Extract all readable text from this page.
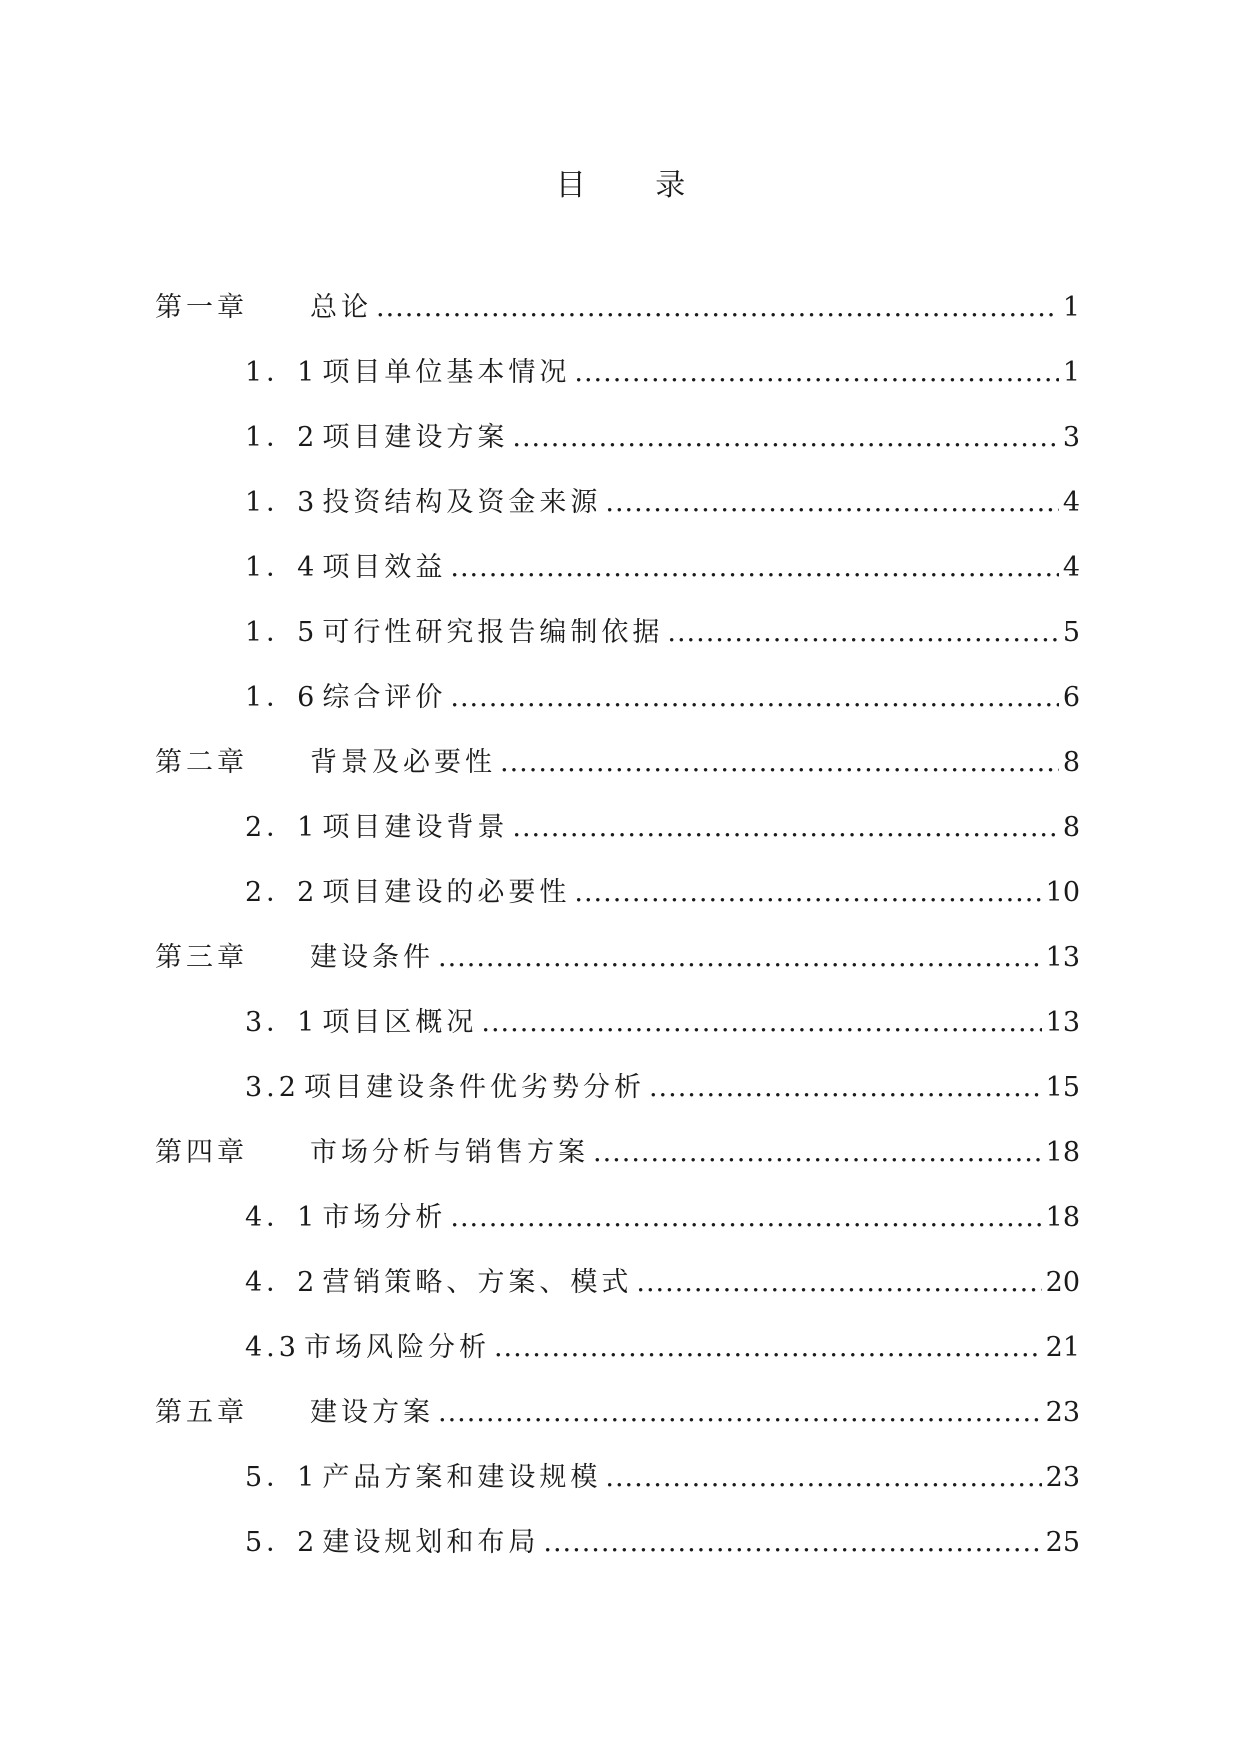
目 录
第一章	总论 .....	1
1．1 项目单位基本情况 .....	1
1．2 项目建设方案 .....	3
1．3 投资结构及资金来源 .....	4
1．4 项目效益 .....	4
1．5 可行性研究报告编制依据 .....	5
1．6 综合评价 .....	6
第二章	背景及必要性 .....	8
2．1 项目建设背景 .....	8
2．2 项目建设的必要性 .....	10
第三章	建设条件 .....	13
3．1 项目区概况 .....	13
3.2 项目建设条件优劣势分析 .....	15
第四章	市场分析与销售方案 .....	18
4．1 市场分析 .....	18
4．2 营销策略、方案、模式 .....	20
4.3 市场风险分析 .....	21
第五章	建设方案 .....	23
5．1 产品方案和建设规模 .....	23
5．2 建设规划和布局 .....	25
